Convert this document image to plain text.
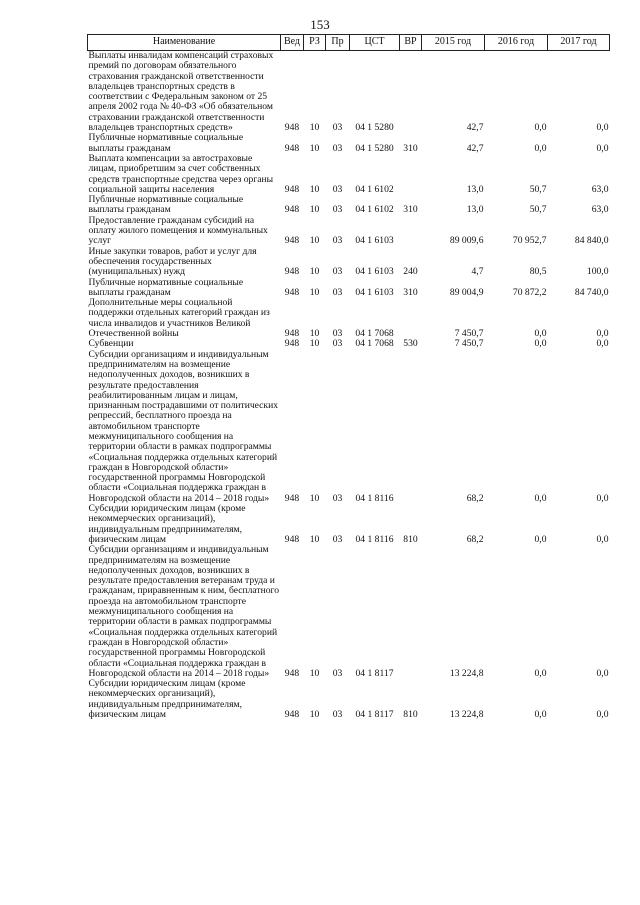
153
Наименование	Вед	РЗ	Пр	ЦСТ	ВР	2015 год	2016 год	2017 год
Выплаты инвалидам компенсаций страховых премий по договорам обязательного страхования гражданской ответственности владельцев транспортных средств в соответствии с Федеральным законом от 25 апреля 2002 года № 40-ФЗ «Об обязательном страховании гражданской ответственности владельцев транспортных средств»	948	10	03	04 1 5280		42,7	0,0	0,0
Публичные нормативные социальные выплаты гражданам	948	10	03	04 1 5280	310	42,7	0,0	0,0
Выплата компенсации за автостраховые лицам, приобретшим за счет собственных средств транспортные средства через органы социальной защиты населения	948	10	03	04 1 6102		13,0	50,7	63,0
Публичные нормативные социальные выплаты гражданам	948	10	03	04 1 6102	310	13,0	50,7	63,0
Предоставление гражданам субсидий на оплату жилого помещения и коммунальных услуг	948	10	03	04 1 6103		89 009,6	70 952,7	84 840,0
Иные закупки товаров, работ и услуг для обеспечения государственных (муниципальных) нужд	948	10	03	04 1 6103	240	4,7	80,5	100,0
Публичные нормативные социальные выплаты гражданам	948	10	03	04 1 6103	310	89 004,9	70 872,2	84 740,0
Дополнительные меры социальной поддержки отдельных категорий граждан из числа инвалидов и участников Великой Отечественной войны	948	10	03	04 1 7068		7 450,7	0,0	0,0
Субвенции	948	10	03	04 1 7068	530	7 450,7	0,0	0,0
Субсидии организациям и индивидуальным предпринимателям на возмещение недополученных доходов, возникших в результате предоставления реабилитированным лицам и лицам, признанным пострадавшими от политических репрессий, бесплатного проезда на автомобильном транспорте межмуниципального сообщения на территории области в рамках подпрограммы «Социальная поддержка отдельных категорий граждан в Новгородской области» государственной программы Новгородской области «Социальная поддержка граждан в Новгородской области на 2014 – 2018 годы»	948	10	03	04 1 8116		68,2	0,0	0,0
Субсидии юридическим лицам (кроме некоммерческих организаций), индивидуальным предпринимателям, физическим лицам	948	10	03	04 1 8116	810	68,2	0,0	0,0
Субсидии организациям и индивидуальным предпринимателям на возмещение недополученных доходов, возникших в результате предоставления ветеранам труда и гражданам, приравненным к ним, бесплатного проезда на автомобильном транспорте межмуниципального сообщения на территории области в рамках подпрограммы «Социальная поддержка отдельных категорий граждан в Новгородской области» государственной программы Новгородской области «Социальная поддержка граждан в Новгородской области на 2014 – 2018 годы»	948	10	03	04 1 8117		13 224,8	0,0	0,0
Субсидии юридическим лицам (кроме некоммерческих организаций), индивидуальным предпринимателям, физическим лицам	948	10	03	04 1 8117	810	13 224,8	0,0	0,0
